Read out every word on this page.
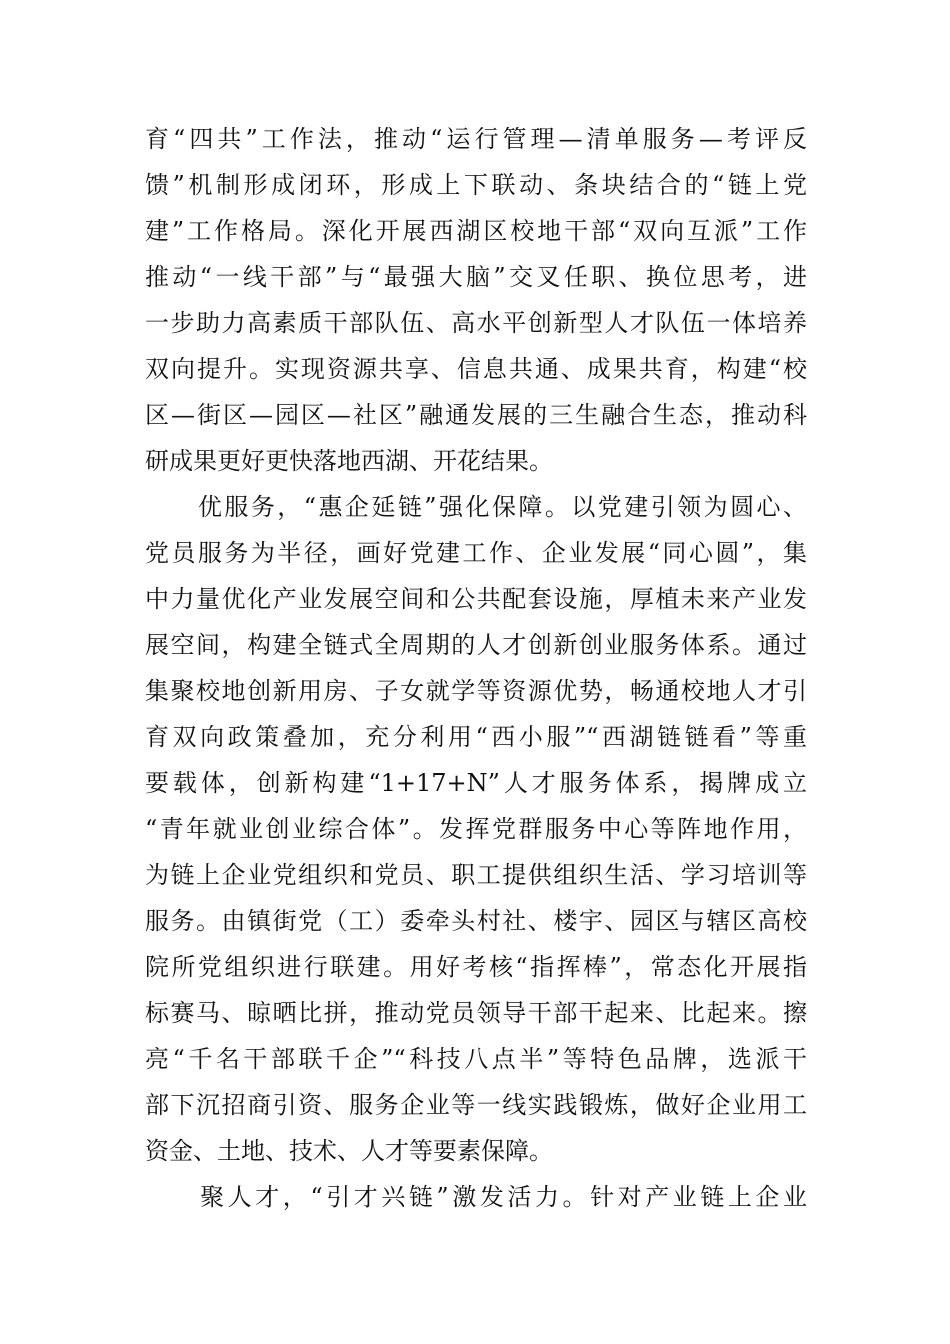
育“四共”工作法，推动“运行管理—清单服务—考评反
馈”机制形成闭环，形成上下联动、条块结合的“链上党
建”工作格局。深化开展西湖区校地干部“双向互派”工作
推动“一线干部”与“最强大脑”交叉任职、换位思考，进
一步助力高素质干部队伍、高水平创新型人才队伍一体培养
双向提升。实现资源共享、信息共通、成果共育，构建“校
区—街区—园区—社区”融通发展的三生融合生态，推动科
研成果更好更快落地西湖、开花结果。
　　优服务，“惠企延链”强化保障。以党建引领为圆心、
党员服务为半径，画好党建工作、企业发展“同心圆”，集
中力量优化产业发展空间和公共配套设施，厚植未来产业发
展空间，构建全链式全周期的人才创新创业服务体系。通过
集聚校地创新用房、子女就学等资源优势，畅通校地人才引
育双向政策叠加，充分利用“西小服”“西湖链链看”等重
要载体，创新构建“1+17+N”人才服务体系，揭牌成立
“青年就业创业综合体”。发挥党群服务中心等阵地作用，
为链上企业党组织和党员、职工提供组织生活、学习培训等
服务。由镇街党（工）委牵头村社、楼宇、园区与辖区高校
院所党组织进行联建。用好考核“指挥棒”，常态化开展指
标赛马、晾晒比拼，推动党员领导干部干起来、比起来。擦
亮“千名干部联千企”“科技八点半”等特色品牌，选派干
部下沉招商引资、服务企业等一线实践锻炼，做好企业用工
资金、土地、技术、人才等要素保障。
　　聚人才，“引才兴链”激发活力。针对产业链上企业
